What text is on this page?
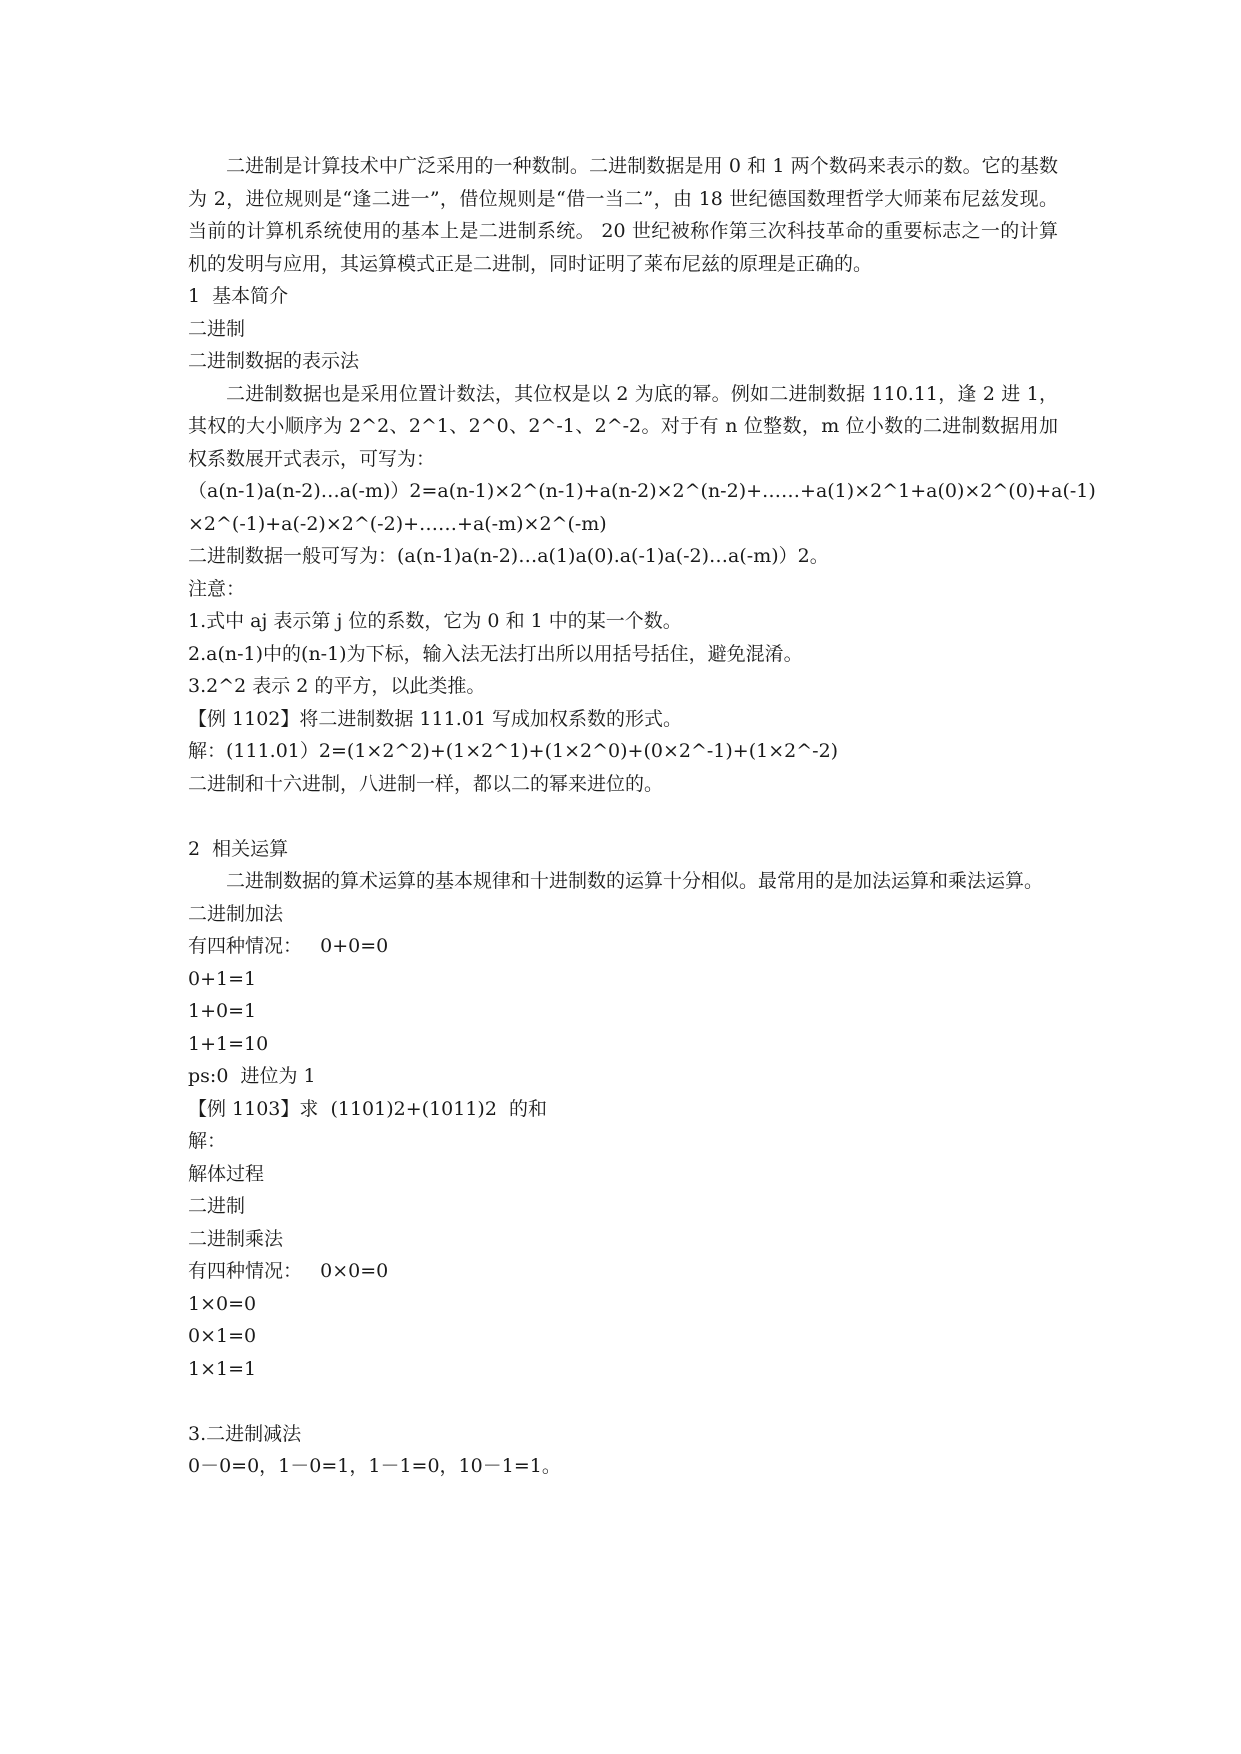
二进制是计算技术中广泛采用的一种数制。二进制数据是用 0 和 1 两个数码来表示的数。它的基数为 2，进位规则是“逢二进一”，借位规则是“借一当二”，由 18 世纪德国数理哲学大师莱布尼兹发现。当前的计算机系统使用的基本上是二进制系统。 20 世纪被称作第三次科技革命的重要标志之一的计算机的发明与应用，其运算模式正是二进制，同时证明了莱布尼兹的原理是正确的。

1  基本简介
二进制
二进制数据的表示法

二进制数据也是采用位置计数法，其位权是以 2 为底的幂。例如二进制数据 110.11，逢 2 进 1，其权的大小顺序为 2^2、2^1、2^0、2^-1、2^-2。对于有 n 位整数，m 位小数的二进制数据用加权系数展开式表示，可写为：

（a(n-1)a(n-2)…a(-m)）2=a(n-1)×2^(n-1)+a(n-2)×2^(n-2)+……+a(1)×2^1+a(0)×2^(0)+a(-1)
×2^(-1)+a(-2)×2^(-2)+……+a(-m)×2^(-m)
二进制数据一般可写为：(a(n-1)a(n-2)…a(1)a(0).a(-1)a(-2)…a(-m)）2。
注意：
1.式中 aj 表示第 j 位的系数，它为 0 和 1 中的某一个数。
2.a(n-1)中的(n-1)为下标，输入法无法打出所以用括号括住，避免混淆。
3.2^2 表示 2 的平方，以此类推。
【例 1102】将二进制数据 111.01 写成加权系数的形式。
解：(111.01）2=(1×2^2)+(1×2^1)+(1×2^0)+(0×2^-1)+(1×2^-2)
二进制和十六进制，八进制一样，都以二的幂来进位的。
2  相关运算

二进制数据的算术运算的基本规律和十进制数的运算十分相似。最常用的是加法运算和乘法运算。

二进制加法
有四种情况：   0+0=0
0+1=1
1+0=1
1+1=10
ps:0  进位为 1
【例 1103】求  (1101)2+(1011)2  的和
解：
解体过程
二进制
二进制乘法
有四种情况：   0×0=0
1×0=0
0×1=0
1×1=1
3.二进制减法
0－0=0，1－0=1，1－1=0，10－1=1。
